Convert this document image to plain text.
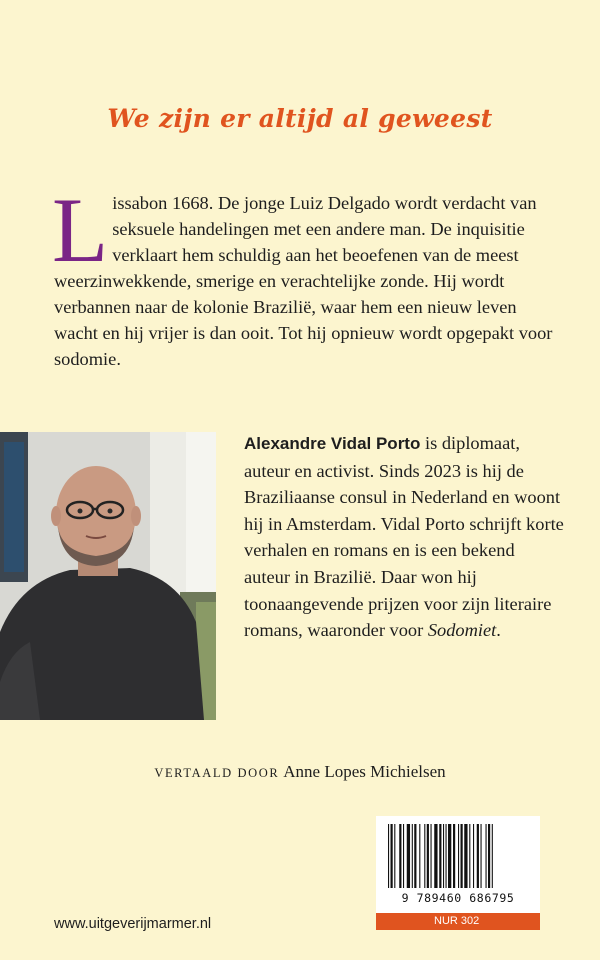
We zijn er altijd al geweest
Lissabon 1668. De jonge Luiz Delgado wordt verdacht van seksuele handelingen met een andere man. De inquisitie verklaart hem schuldig aan het beoefenen van de meest weerzinwekkende, smerige en verachtelijke zonde. Hij wordt verbannen naar de kolonie Brazilië, waar hem een nieuw leven wacht en hij vrijer is dan ooit. Tot hij opnieuw wordt opgepakt voor sodomie.
Alexandre Vidal Porto is diplomaat, auteur en activist. Sinds 2023 is hij de Braziliaanse consul in Nederland en woont hij in Amsterdam. Vidal Porto schrijft korte verhalen en romans en is een bekend auteur in Brazilië. Daar won hij toonaangevende prijzen voor zijn literaire romans, waaronder voor Sodomiet.
VERTAALD DOOR Anne Lopes Michielsen
www.uitgeverijmarmer.nl
9 789460 686795
NUR 302
